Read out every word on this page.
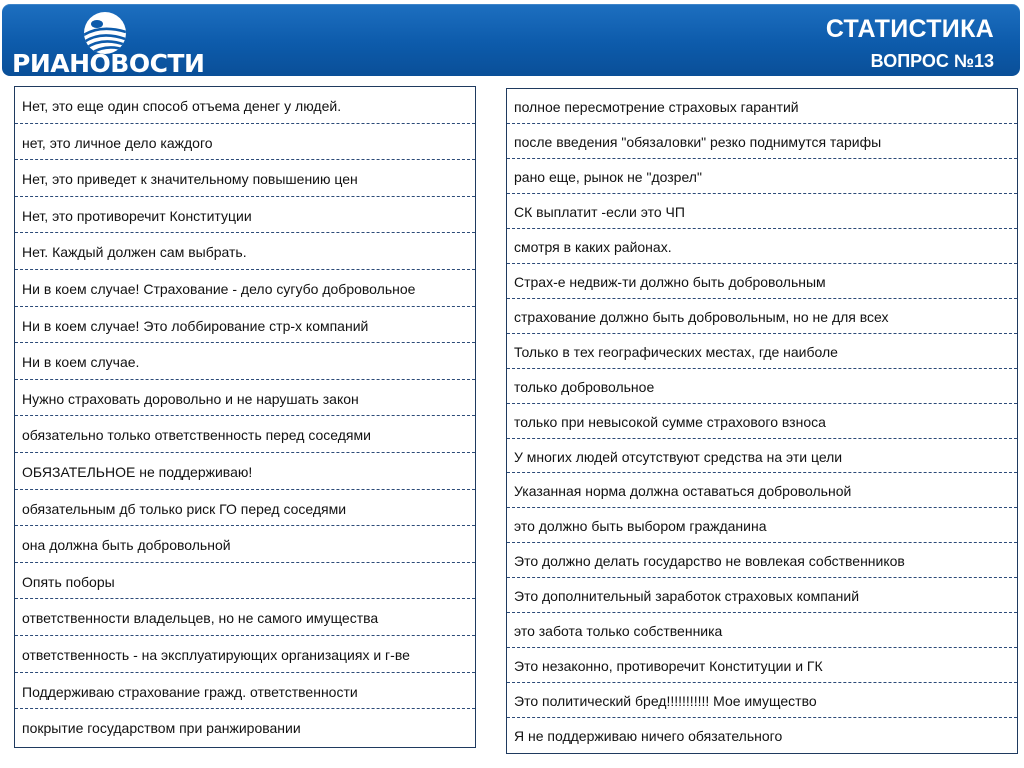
РИАНОВОСТИ
СТАТИСТИКА
ВОПРОС №13
Нет, это еще один способ отъема денег у людей.
нет, это личное дело каждого
Нет, это приведет к значительному повышению цен
Нет, это противоречит Конституции
Нет. Каждый должен сам выбрать.
Ни в коем случае! Страхование - дело сугубо добровольное
Ни в коем случае! Это лоббирование стр-х компаний
Ни в коем случае.
Нужно страховать доровольно и не нарушать закон
обязательно только ответственность перед соседями
ОБЯЗАТЕЛЬНОЕ не поддерживаю!
обязательным дб только риск ГО перед соседями
она должна быть добровольной
Опять поборы
ответственности владельцев, но не самого имущества
ответственность - на эксплуатирующих организациях и г-ве
Поддерживаю страхование гражд. ответственности
покрытие государством при ранжировании
полное пересмотрение страховых гарантий
после введения "обязаловки" резко поднимутся тарифы
рано еще, рынок не "дозрел"
СК выплатит -если это ЧП
смотря в каких районах.
Страх-е недвиж-ти должно быть добровольным
страхование должно быть добровольным, но не для всех
Только в тех географических местах, где наиболе
только добровольное
только при невысокой сумме страхового взноса
У многих людей отсутствуют средства на эти цели
Указанная норма должна оставаться добровольной
это должно быть выбором гражданина
Это должно делать государство не вовлекая собственников
Это дополнительный заработок страховых компаний
это забота только собственника
Это незаконно, противоречит Конституции и ГК
Это политический бред!!!!!!!!!!! Мое имущество
Я не поддерживаю ничего обязательного
